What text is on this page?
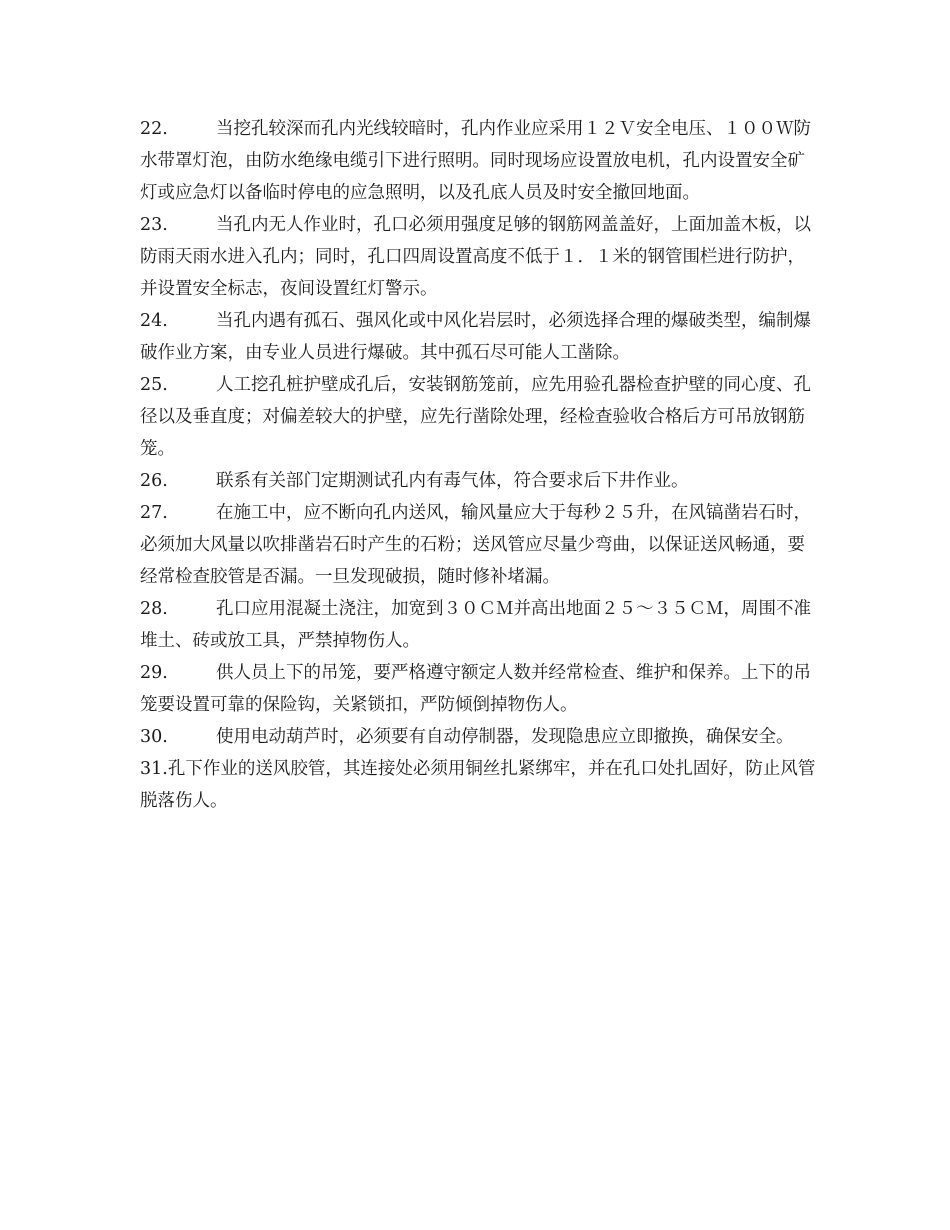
22.	当挖孔较深而孔内光线较暗时，孔内作业应采用１２Ｖ安全电压、１００Ｗ防水带罩灯泡，由防水绝缘电缆引下进行照明。同时现场应设置放电机，孔内设置安全矿灯或应急灯以备临时停电的应急照明，以及孔底人员及时安全撤回地面。

23.	当孔内无人作业时，孔口必须用强度足够的钢筋网盖盖好，上面加盖木板，以防雨天雨水进入孔内；同时，孔口四周设置高度不低于１．１米的钢管围栏进行防护，并设置安全标志，夜间设置红灯警示。

24.	当孔内遇有孤石、强风化或中风化岩层时，必须选择合理的爆破类型，编制爆破作业方案，由专业人员进行爆破。其中孤石尽可能人工凿除。

25.	人工挖孔桩护壁成孔后，安装钢筋笼前，应先用验孔器检查护壁的同心度、孔径以及垂直度；对偏差较大的护壁，应先行凿除处理，经检查验收合格后方可吊放钢筋笼。

26.	联系有关部门定期测试孔内有毒气体，符合要求后下井作业。

27.	在施工中，应不断向孔内送风，输风量应大于每秒２５升，在风镐凿岩石时，必须加大风量以吹排凿岩石时产生的石粉；送风管应尽量少弯曲，以保证送风畅通，要经常检查胶管是否漏。一旦发现破损，随时修补堵漏。

28.	孔口应用混凝土浇注，加宽到３０ＣＭ并高出地面２５～３５ＣＭ，周围不准堆土、砖或放工具，严禁掉物伤人。

29.	供人员上下的吊笼，要严格遵守额定人数并经常检查、维护和保养。上下的吊笼要设置可靠的保险钩，关紧锁扣，严防倾倒掉物伤人。

30.	使用电动葫芦时，必须要有自动停制器，发现隐患应立即撤换，确保安全。

31.孔下作业的送风胶管，其连接处必须用铜丝扎紧绑牢，并在孔口处扎固好，防止风管脱落伤人。
